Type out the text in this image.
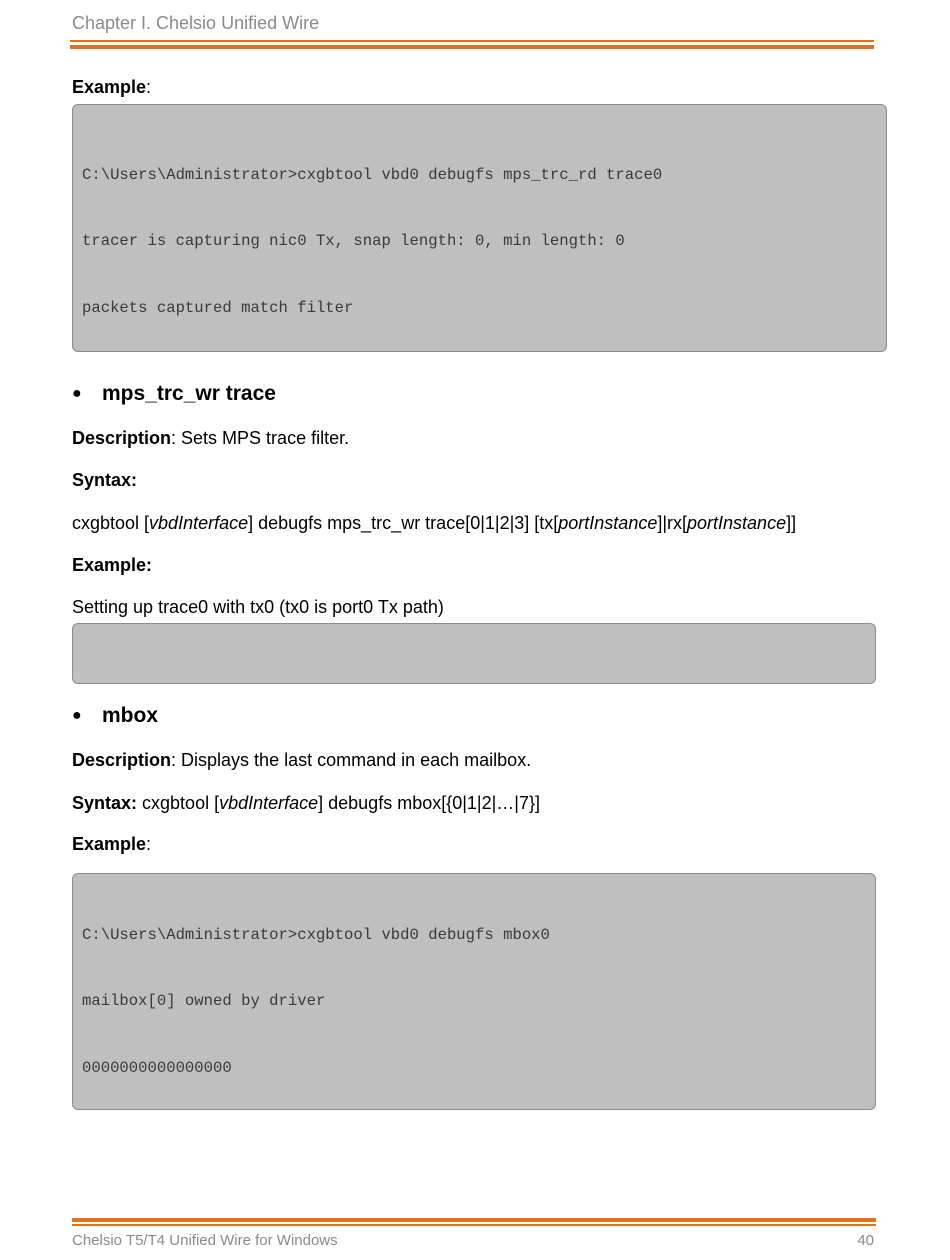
Chapter I. Chelsio Unified Wire
Example:

C:\Users\Administrator>cxgbtool vbd0 debugfs mps_trc_rd trace0

tracer is capturing nic0 Tx, snap length: 0, min length: 0

packets captured match filter

● mps_trc_wr trace
Description: Sets MPS trace filter.
Syntax:
cxgbtool [vbdInterface] debugfs mps_trc_wr trace[0|1|2|3] [tx[portInstance]|rx[portInstance]]
Example:
Setting up trace0 with tx0 (tx0 is port0 Tx path)

● mbox
Description: Displays the last command in each mailbox.
Syntax: cxgbtool [vbdInterface] debugfs mbox[{0|1|2|…|7}]
Example:

C:\Users\Administrator>cxgbtool vbd0 debugfs mbox0

mailbox[0] owned by driver

0000000000000000

Chelsio T5/T4 Unified Wire for Windows	40
